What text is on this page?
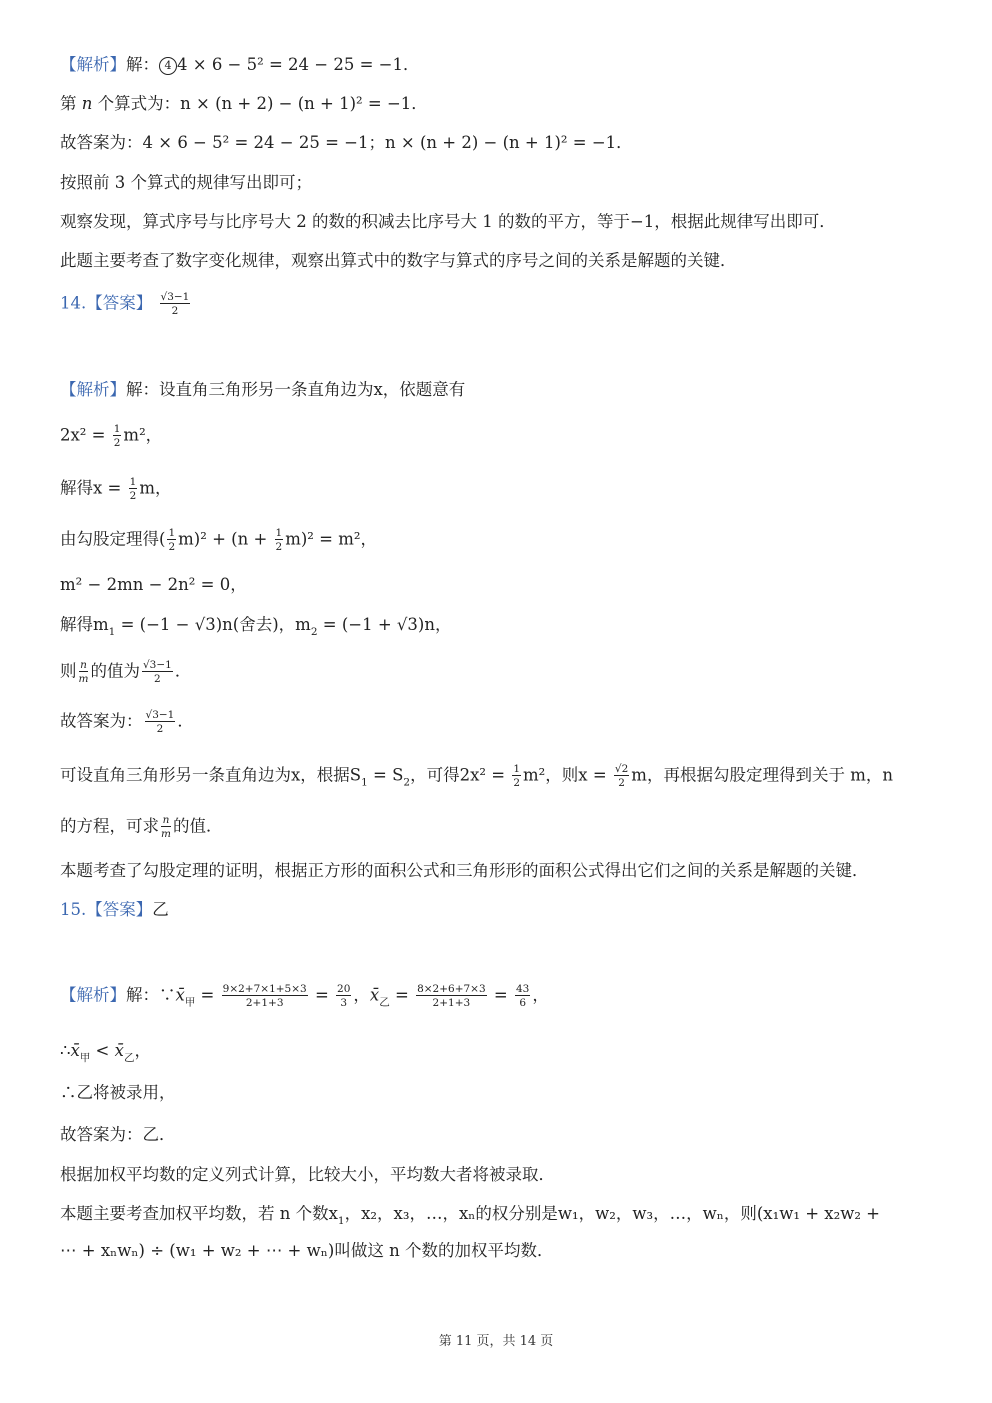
【解析】解： 4 4 × 6 − 5² = 24 − 25 = −1．
第 n 个算式为：n × (n + 2) − (n + 1)² = −1．
故答案为：4 × 6 − 5² = 24 − 25 = −1；n × (n + 2) − (n + 1)² = −1．
按照前 3 个算式的规律写出即可；
观察发现，算式序号与比序号大 2 的数的积减去比序号大 1 的数的平方，等于−1，根据此规律写出即可．
此题主要考查了数字变化规律，观察出算式中的数字与算式的序号之间的关系是解题的关键．
14.【答案】 $\frac{√3-1}{2}$
【解析】解：设直角三角形另一条直角边为x，依题意有
$2x^2 = \frac{1}{2} m^2$，
解得$x = \frac{1}{2}$ m，
由勾股定理得( $\frac{1}{2} m)^2 + (n + \frac{1}{2} m)^2 = m^2$，
m² − 2mn − 2n² = 0，
解得$m_1 = (-1 - √3)n$(舍去)，$m_2 = (-1 + √3)n$，
则 $\frac{n}{m}$ 的值为 $\frac{√3-1}{2}$ ．
故答案为： $\frac{√3-1}{2}$ ．
可设直角三角形另一条直角边为x，根据$S_1 = S_2$，可得$2x^2 = \frac{1}{2} m^2$，则$x = \frac{√2}{2}$ m，再根据勾股定理得到关于 m，n
的方程，可求 $\frac{n}{m}$ 的值．
本题考查了勾股定理的证明，根据正方形的面积公式和三角形形的面积公式得出它们之间的关系是解题的关键．
15.【答案】乙
【解析】解：$\because x̄_甲 = \frac{9\times 2+7\times 1+5\times 3}{2+1+3} = \frac{20}{3}$ ，$x̄_乙 = \frac{8\times 2+6+7\times 3}{2+1+3} = \frac{43}{6}$ ，
$\therefore x̄_甲$ < $x̄_乙$，
∴乙将被录用，
故答案为：乙．
根据加权平均数的定义列式计算，比较大小，平均数大者将被录取．
本题主要考查加权平均数，若 n 个数$x_1$，x₂，x₃，…，xₙ的权分别是w₁，w₂，w₃，…，wₙ，则(x₁w₁ + x₂w₂ +
⋯ + xₙwₙ) ÷ (w₁ + w₂ + ⋯ + wₙ)叫做这 n 个数的加权平均数．
第 11 页，共 14 页
